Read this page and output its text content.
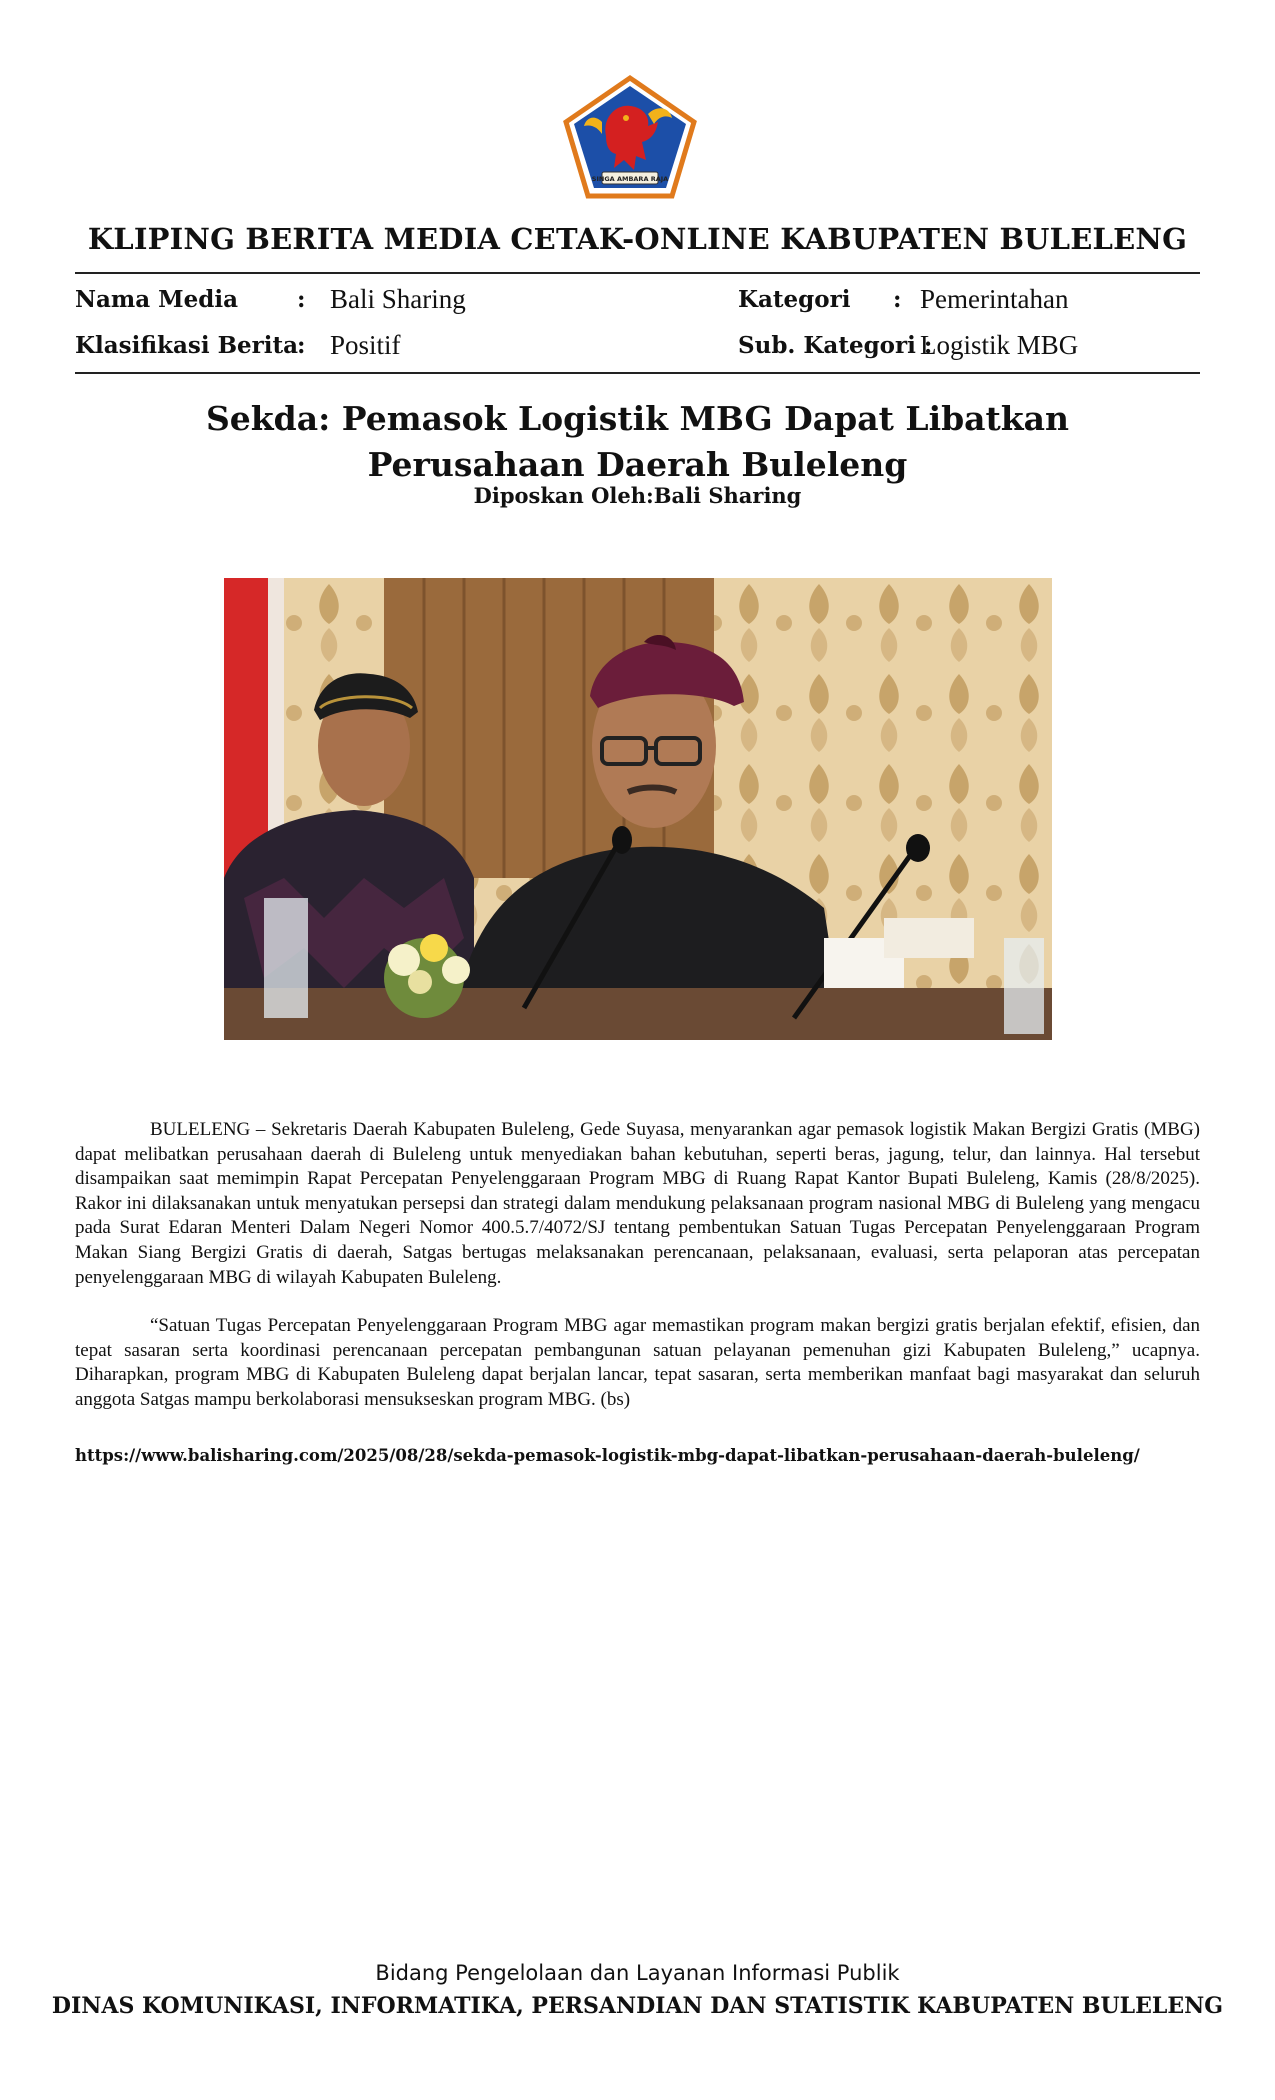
SINGA AMBARA RAJA
KLIPING BERITA MEDIA CETAK-ONLINE KABUPATEN BULELENG
Nama Media	: Bali Sharing
Klasifikasi Berita
: Positif
Kategori : Pemerintahan
Sub. Kategori :
Logistik MBG
Sekda: Pemasok Logistik MBG Dapat Libatkan Perusahaan Daerah Buleleng
Diposkan Oleh:Bali Sharing

BULELENG – Sekretaris Daerah Kabupaten Buleleng, Gede Suyasa, menyarankan agar pemasok logistik Makan Bergizi Gratis (MBG) dapat melibatkan perusahaan daerah di Buleleng untuk menyediakan bahan kebutuhan, seperti beras, jagung, telur, dan lainnya. Hal tersebut disampaikan saat memimpin Rapat Percepatan Penyelenggaraan Program MBG di Ruang Rapat Kantor Bupati Buleleng, Kamis (28/8/2025). Rakor ini dilaksanakan untuk menyatukan persepsi dan strategi dalam mendukung pelaksanaan program nasional MBG di Buleleng yang mengacu pada Surat Edaran Menteri Dalam Negeri Nomor 400.5.7/4072/SJ tentang pembentukan Satuan Tugas Percepatan Penyelenggaraan Program Makan Siang Bergizi Gratis di daerah, Satgas bertugas melaksanakan perencanaan, pelaksanaan, evaluasi, serta pelaporan atas percepatan penyelenggaraan MBG di wilayah Kabupaten Buleleng.

“Satuan Tugas Percepatan Penyelenggaraan Program MBG agar memastikan program makan bergizi gratis berjalan efektif, efisien, dan tepat sasaran serta koordinasi perencanaan percepatan pembangunan satuan pelayanan pemenuhan gizi Kabupaten Buleleng,” ucapnya. Diharapkan, program MBG di Kabupaten Buleleng dapat berjalan lancar, tepat sasaran, serta memberikan manfaat bagi masyarakat dan seluruh anggota Satgas mampu berkolaborasi mensukseskan program MBG. (bs)

https://www.balisharing.com/2025/08/28/sekda-pemasok-logistik-mbg-dapat-libatkan-perusahaan-daerah-buleleng/
Bidang Pengelolaan dan Layanan Informasi Publik
DINAS KOMUNIKASI, INFORMATIKA, PERSANDIAN DAN STATISTIK KABUPATEN BULELENG
